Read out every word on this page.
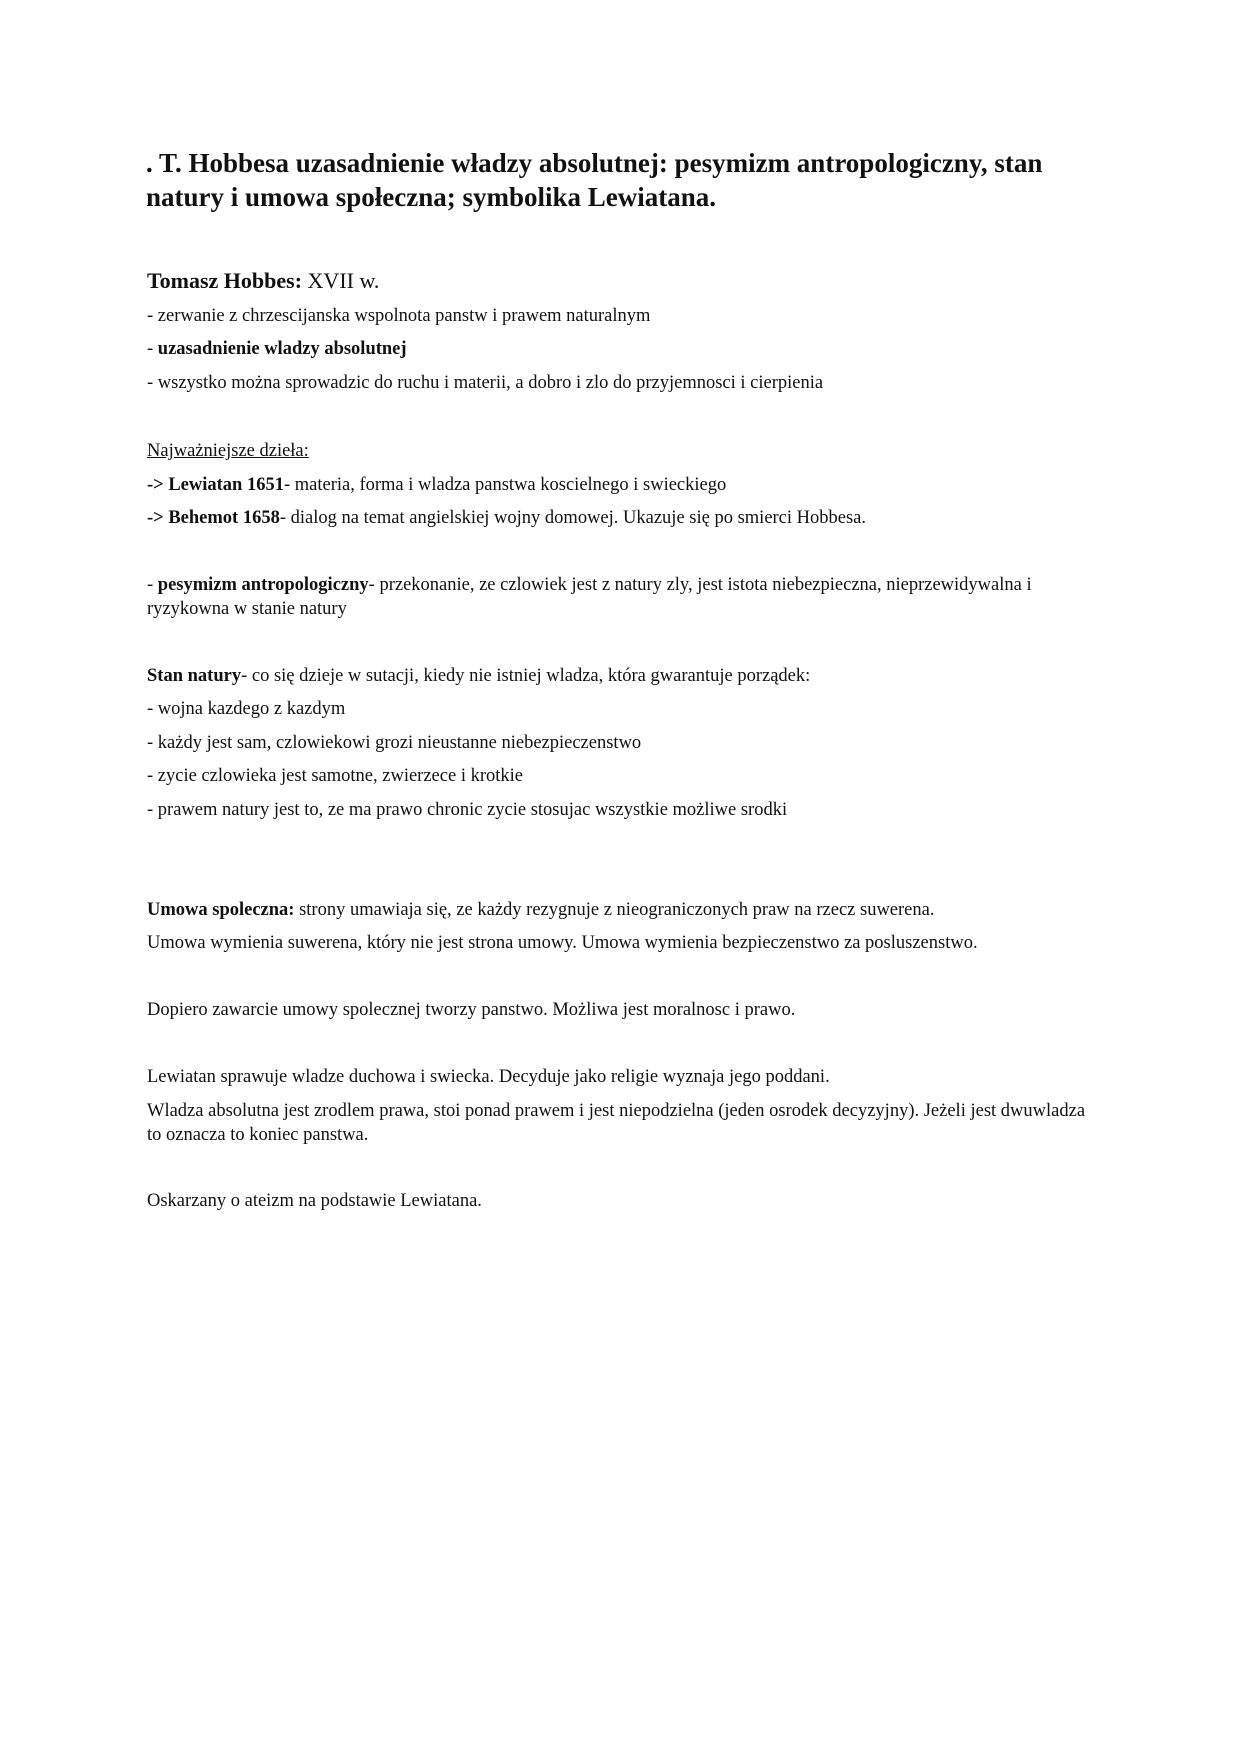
. T. Hobbesa uzasadnienie władzy absolutnej: pesymizm antropologiczny, stan natury i umowa społeczna; symbolika Lewiatana.

Tomasz Hobbes: XVII w.

- zerwanie z chrzescijanska wspolnota panstw i prawem naturalnym

- uzasadnienie wladzy absolutnej

- wszystko można sprowadzic do ruchu i materii, a dobro i zlo do przyjemnosci i cierpienia

Najważniejsze dzieła:

-> Lewiatan 1651- materia, forma i wladza panstwa koscielnego i swieckiego

-> Behemot 1658- dialog na temat angielskiej wojny domowej. Ukazuje się po smierci Hobbesa.

- pesymizm antropologiczny- przekonanie, ze czlowiek jest z natury zly, jest istota niebezpieczna, nieprzewidywalna i ryzykowna w stanie natury

Stan natury- co się dzieje w sutacji, kiedy nie istniej wladza, która gwarantuje porządek:

- wojna kazdego z kazdym

- każdy jest sam, czlowiekowi grozi nieustanne niebezpieczenstwo

- zycie czlowieka jest samotne, zwierzece i krotkie

- prawem natury jest to, ze ma prawo chronic zycie stosujac wszystkie możliwe srodki

Umowa spoleczna: strony umawiaja się, ze każdy rezygnuje z nieograniczonych praw na rzecz suwerena.

Umowa wymienia suwerena, który nie jest strona umowy. Umowa wymienia bezpieczenstwo za posluszenstwo.

Dopiero zawarcie umowy spolecznej tworzy panstwo. Możliwa jest moralnosc i prawo.

Lewiatan sprawuje wladze duchowa i swiecka. Decyduje jako religie wyznaja jego poddani.

Wladza absolutna jest zrodlem prawa, stoi ponad prawem i jest niepodzielna (jeden osrodek decyzyjny). Jeżeli jest dwuwladza to oznacza to koniec panstwa.

Oskarzany o ateizm na podstawie Lewiatana.
